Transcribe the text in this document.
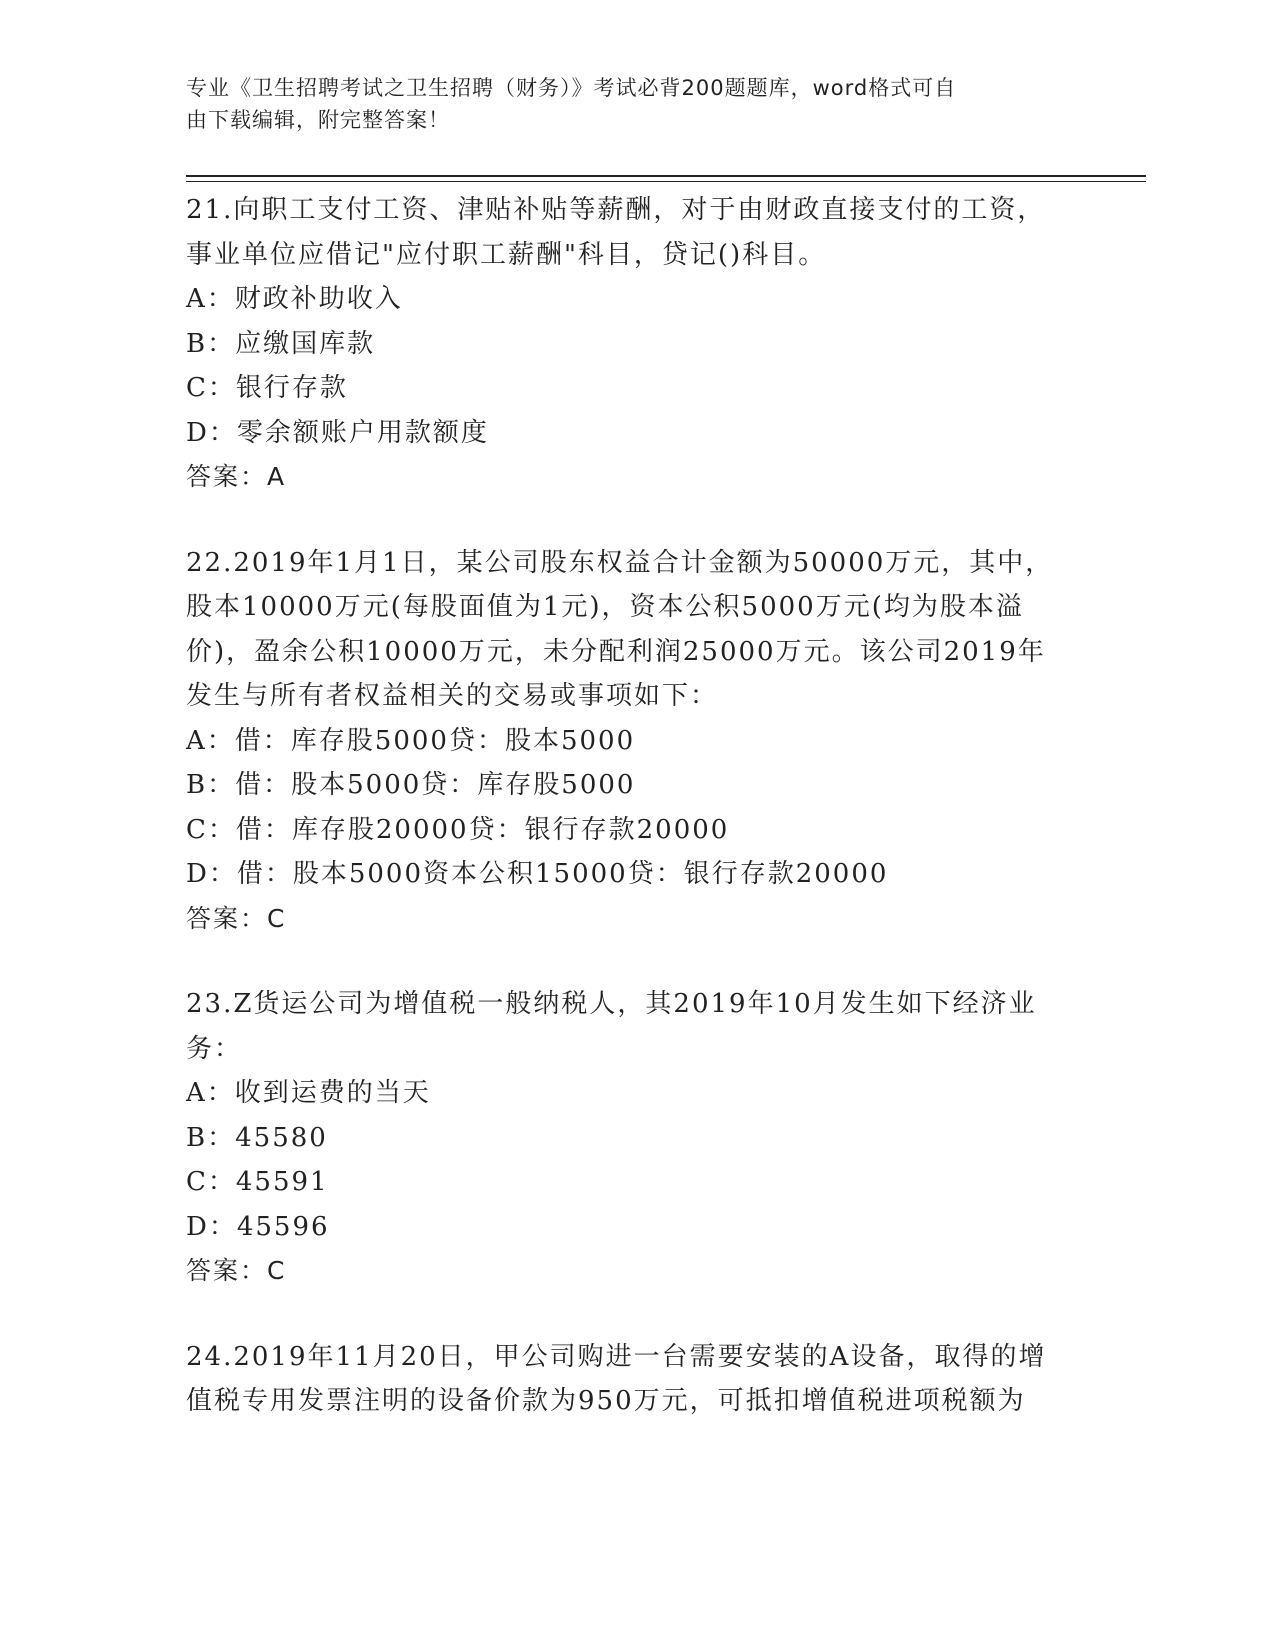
专业《卫生招聘考试之卫生招聘（财务）》考试必背200题题库，word格式可自
由下载编辑，附完整答案！

21.向职工支付工资、津贴补贴等薪酬，对于由财政直接支付的工资，

事业单位应借记"应付职工薪酬"科目，贷记()科目。

A：财政补助收入

B：应缴国库款

C：银行存款

D：零余额账户用款额度

答案：A

22.2019年1月1日，某公司股东权益合计金额为50000万元，其中，

股本10000万元(每股面值为1元)，资本公积5000万元(均为股本溢

价)，盈余公积10000万元，未分配利润25000万元。该公司2019年

发生与所有者权益相关的交易或事项如下：

A：借：库存股5000贷：股本5000

B：借：股本5000贷：库存股5000

C：借：库存股20000贷：银行存款20000

D：借：股本5000资本公积15000贷：银行存款20000

答案：C

23.Z货运公司为增值税一般纳税人，其2019年10月发生如下经济业

务：

A：收到运费的当天

B：45580

C：45591

D：45596

答案：C

24.2019年11月20日，甲公司购进一台需要安装的A设备，取得的增

值税专用发票注明的设备价款为950万元，可抵扣增值税进项税额为
